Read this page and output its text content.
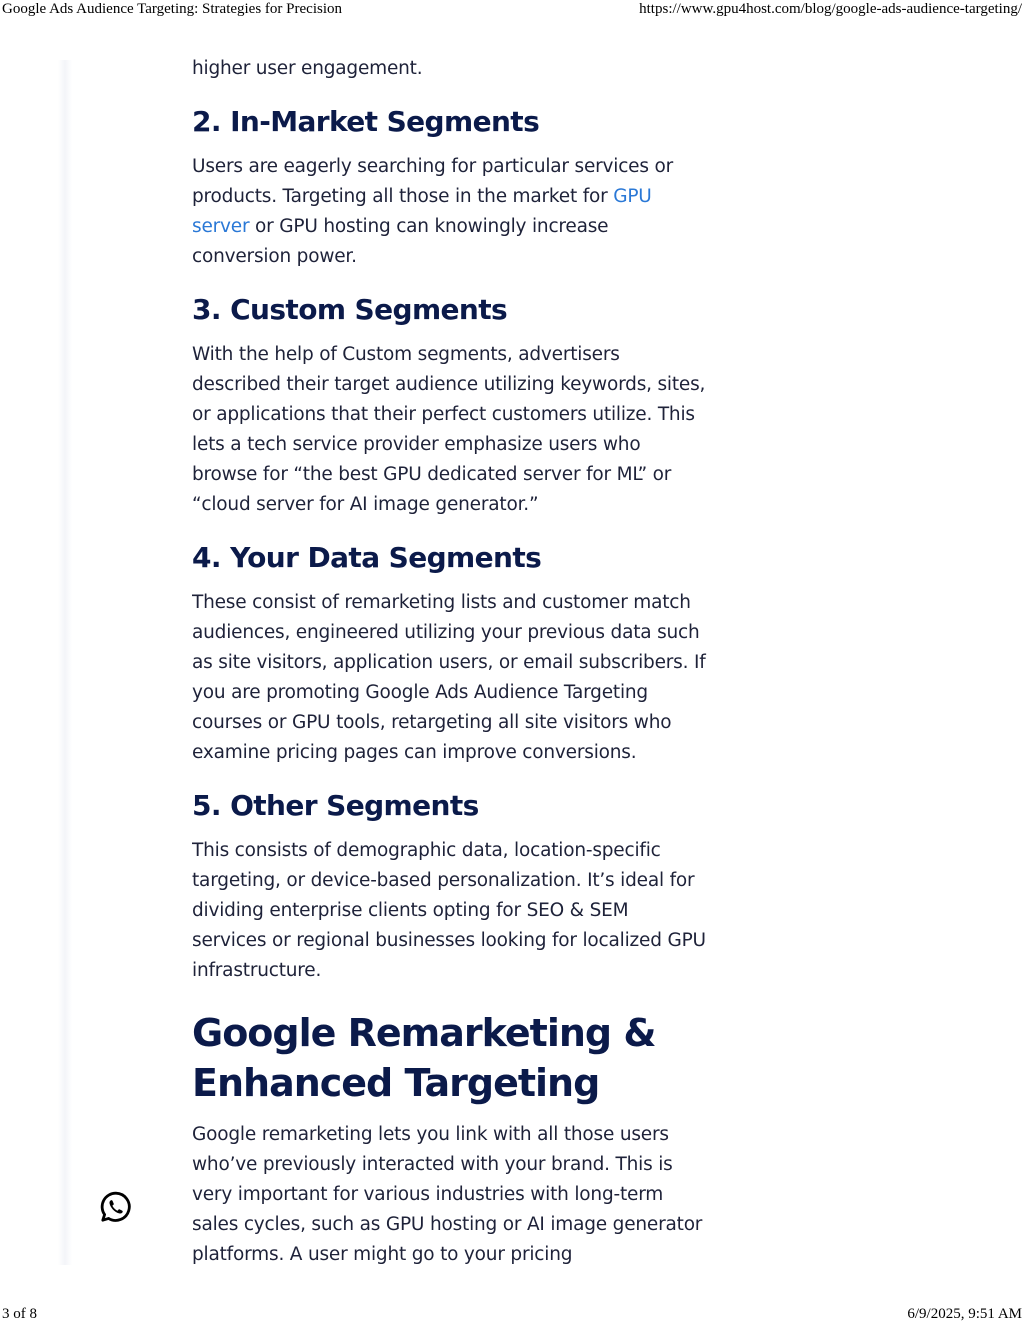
Google Ads Audience Targeting: Strategies for Precision	https://www.gpu4host.com/blog/google-ads-audience-targeting/

higher user engagement.

2. In-Market Segments

Users are eagerly searching for particular services or products. Targeting all those in the market for GPU server or GPU hosting can knowingly increase conversion power.

3. Custom Segments

With the help of Custom segments, advertisers described their target audience utilizing keywords, sites, or applications that their perfect customers utilize. This lets a tech service provider emphasize users who browse for “the best GPU dedicated server for ML” or “cloud server for AI image generator.”

4. Your Data Segments

These consist of remarketing lists and customer match audiences, engineered utilizing your previous data such as site visitors, application users, or email subscribers. If you are promoting Google Ads Audience Targeting courses or GPU tools, retargeting all site visitors who examine pricing pages can improve conversions.

5. Other Segments

This consists of demographic data, location-specific targeting, or device-based personalization. It’s ideal for dividing enterprise clients opting for SEO & SEM services or regional businesses looking for localized GPU infrastructure.

Google Remarketing & Enhanced Targeting

Google remarketing lets you link with all those users who’ve previously interacted with your brand. This is very important for various industries with long-term sales cycles, such as GPU hosting or AI image generator platforms. A user might go to your pricing

3 of 8	6/9/2025, 9:51 AM
